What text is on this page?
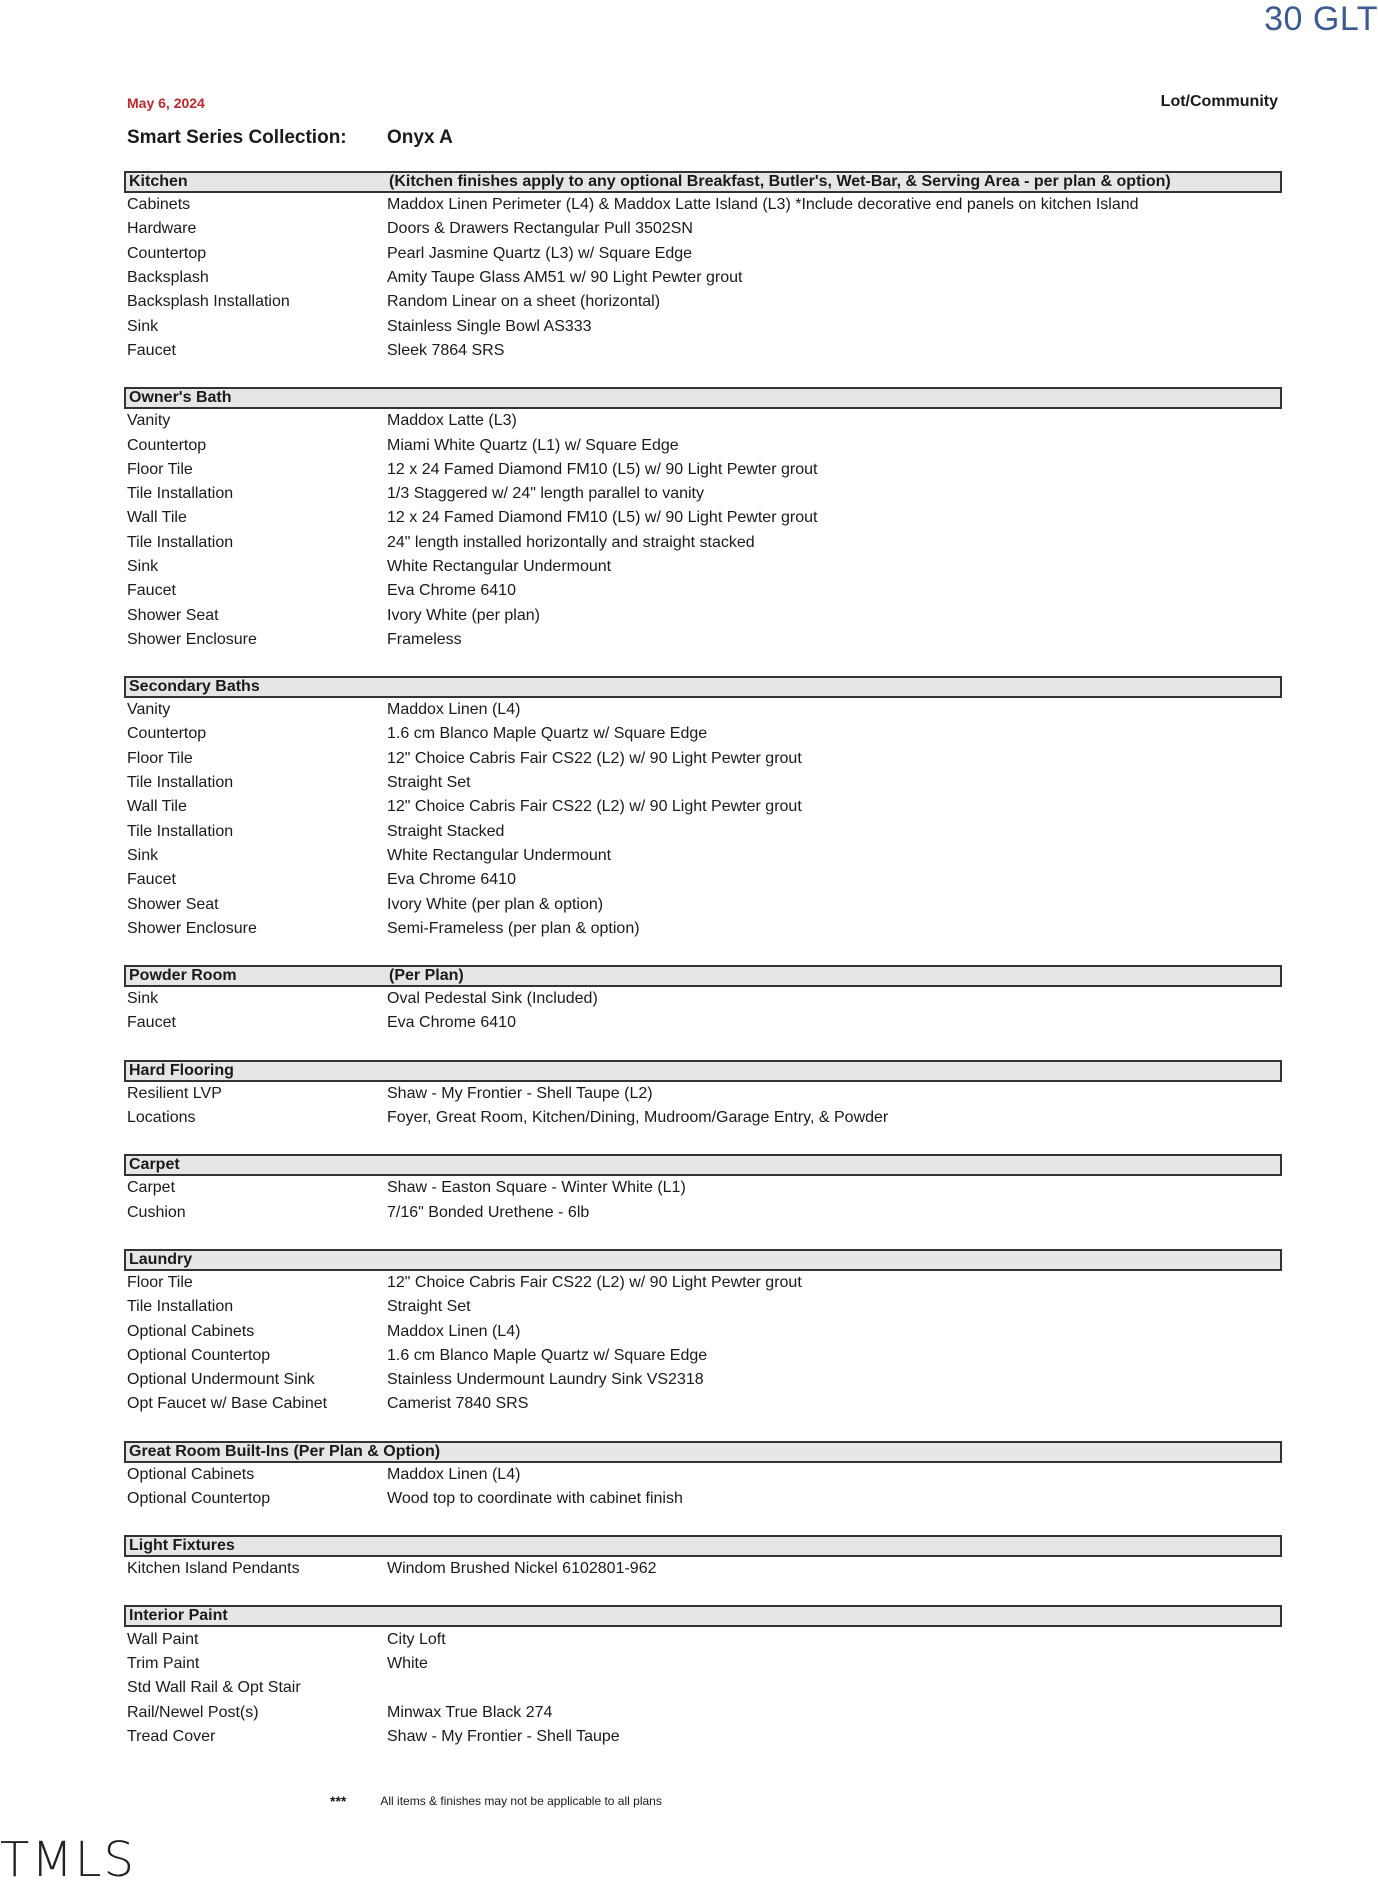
30 GLT
May 6, 2024	Lot/Community
Smart Series Collection: Onyx A
Kitchen	(Kitchen finishes apply to any optional Breakfast, Butler's, Wet-Bar, & Serving Area - per plan & option)
Cabinets	Maddox Linen Perimeter (L4) & Maddox Latte Island (L3) *Include decorative end panels on kitchen Island
Hardware	Doors & Drawers Rectangular Pull 3502SN
Countertop	Pearl Jasmine Quartz (L3) w/ Square Edge
Backsplash	Amity Taupe Glass AM51 w/ 90 Light Pewter grout
Backsplash Installation	Random Linear on a sheet (horizontal)
Sink	Stainless Single Bowl AS333
Faucet	Sleek 7864 SRS
Owner's Bath
Vanity	Maddox Latte (L3)
Countertop	Miami White Quartz (L1) w/ Square Edge
Floor Tile	12 x 24 Famed Diamond FM10 (L5) w/ 90 Light Pewter grout
Tile Installation	1/3 Staggered w/ 24" length parallel to vanity
Wall Tile	12 x 24 Famed Diamond FM10 (L5) w/ 90 Light Pewter grout
Tile Installation	24" length installed horizontally and straight stacked
Sink	White Rectangular Undermount
Faucet	Eva Chrome 6410
Shower Seat	Ivory White (per plan)
Shower Enclosure	Frameless
Secondary Baths
Vanity	Maddox Linen (L4)
Countertop	1.6 cm Blanco Maple Quartz w/ Square Edge
Floor Tile	12" Choice Cabris Fair CS22 (L2) w/ 90 Light Pewter grout
Tile Installation	Straight Set
Wall Tile	12" Choice Cabris Fair CS22 (L2) w/ 90 Light Pewter grout
Tile Installation	Straight Stacked
Sink	White Rectangular Undermount
Faucet	Eva Chrome 6410
Shower Seat	Ivory White (per plan & option)
Shower Enclosure	Semi-Frameless (per plan & option)
Powder Room	(Per Plan)
Sink	Oval Pedestal Sink (Included)
Faucet	Eva Chrome 6410
Hard Flooring
Resilient LVP	Shaw - My Frontier - Shell Taupe (L2)
Locations	Foyer, Great Room, Kitchen/Dining, Mudroom/Garage Entry, & Powder
Carpet
Carpet	Shaw - Easton Square - Winter White (L1)
Cushion	7/16" Bonded Urethene - 6lb
Laundry
Floor Tile	12" Choice Cabris Fair CS22 (L2) w/ 90 Light Pewter grout
Tile Installation	Straight Set
Optional Cabinets	Maddox Linen (L4)
Optional Countertop	1.6 cm Blanco Maple Quartz w/ Square Edge
Optional Undermount Sink	Stainless Undermount Laundry Sink VS2318
Opt Faucet w/ Base Cabinet	Camerist 7840 SRS
Great Room Built-Ins (Per Plan & Option)
Optional Cabinets	Maddox Linen (L4)
Optional Countertop	Wood top to coordinate with cabinet finish
Light Fixtures
Kitchen Island Pendants	Windom Brushed Nickel 6102801-962
Interior Paint
Wall Paint	City Loft
Trim Paint	White
Std Wall Rail & Opt Stair
Rail/Newel Post(s)	Minwax True Black 274
Tread Cover	Shaw - My Frontier - Shell Taupe
***	All items & finishes may not be applicable to all plans
TMLS
